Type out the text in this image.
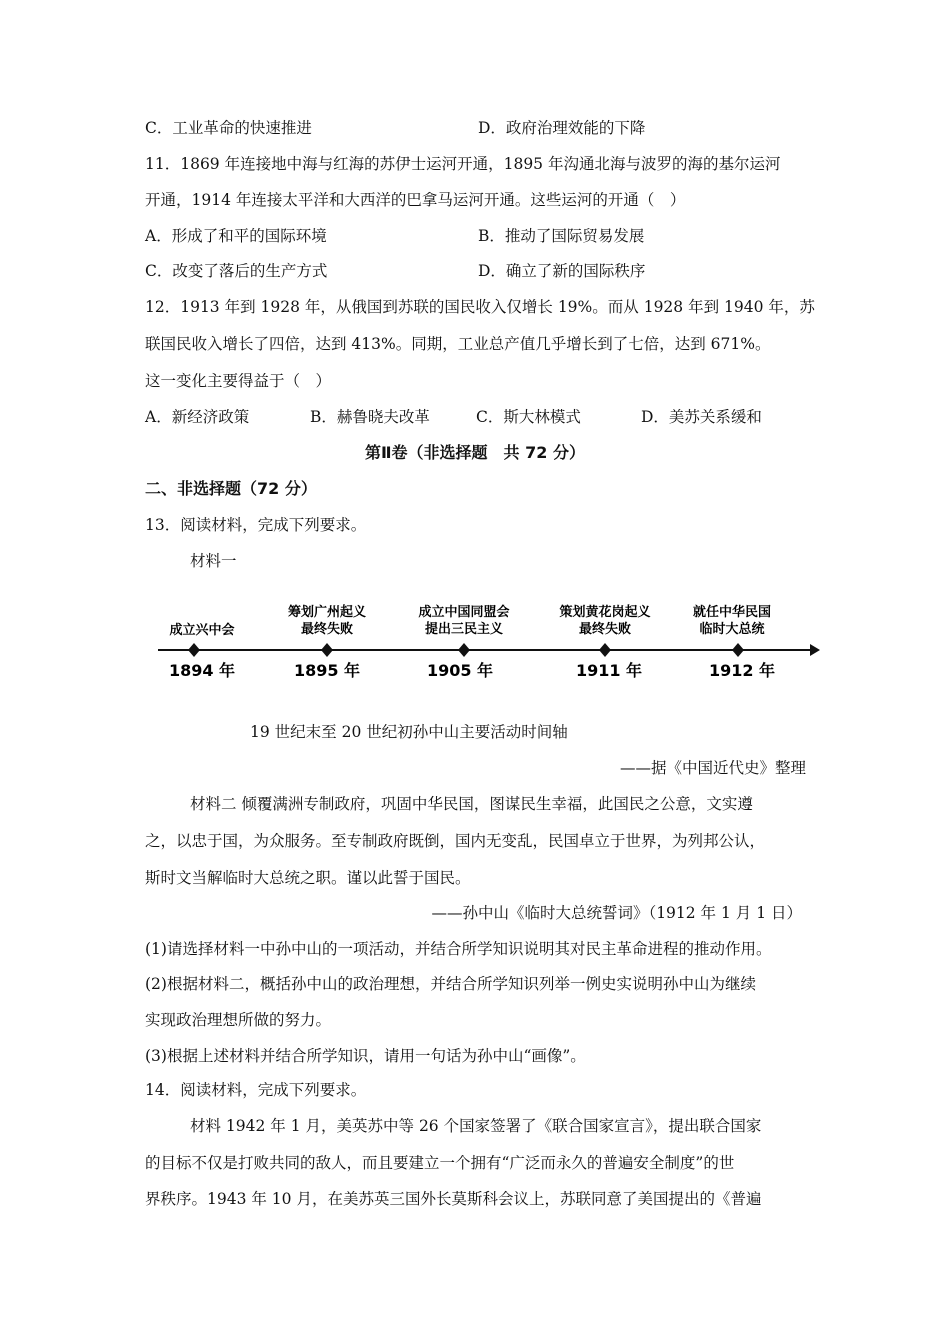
C．工业革命的快速推进	D．政府治理效能的下降
11．1869 年连接地中海与红海的苏伊士运河开通，1895 年沟通北海与波罗的海的基尔运河
开通，1914 年连接太平洋和大西洋的巴拿马运河开通。这些运河的开通（　）
A．形成了和平的国际环境	B．推动了国际贸易发展
C．改变了落后的生产方式	D．确立了新的国际秩序
12．1913 年到 1928 年，从俄国到苏联的国民收入仅增长 19%。而从 1928 年到 1940 年，苏
联国民收入增长了四倍，达到 413%。同期，工业总产值几乎增长到了七倍，达到 671%。
这一变化主要得益于（　）
A．新经济政策	B．赫鲁晓夫改革	C．斯大林模式	D．美苏关系缓和
第Ⅱ卷（非选择题　共 72 分）
二、非选择题（72 分）
13．阅读材料，完成下列要求。
材料一
成立兴中会
1894 年
筹划广州起义
最终失败
1895 年
成立中国同盟会
提出三民主义
1905 年
策划黄花岗起义
最终失败
1911 年
就任中华民国
临时大总统
1912 年
19 世纪末至 20 世纪初孙中山主要活动时间轴
——据《中国近代史》整理
材料二 倾覆满洲专制政府，巩固中华民国，图谋民生幸福，此国民之公意，文实遵
之，以忠于国，为众服务。至专制政府既倒，国内无变乱，民国卓立于世界，为列邦公认，
斯时文当解临时大总统之职。谨以此誓于国民。
——孙中山《临时大总统誓词》（1912 年 1 月 1 日）
(1)请选择材料一中孙中山的一项活动，并结合所学知识说明其对民主革命进程的推动作用。
(2)根据材料二，概括孙中山的政治理想，并结合所学知识列举一例史实说明孙中山为继续
实现政治理想所做的努力。
(3)根据上述材料并结合所学知识，请用一句话为孙中山“画像”。
14．阅读材料，完成下列要求。
材料 1942 年 1 月，美英苏中等 26 个国家签署了《联合国家宣言》，提出联合国家
的目标不仅是打败共同的敌人，而且要建立一个拥有“广泛而永久的普遍安全制度”的世
界秩序。1943 年 10 月，在美苏英三国外长莫斯科会议上，苏联同意了美国提出的《普遍
